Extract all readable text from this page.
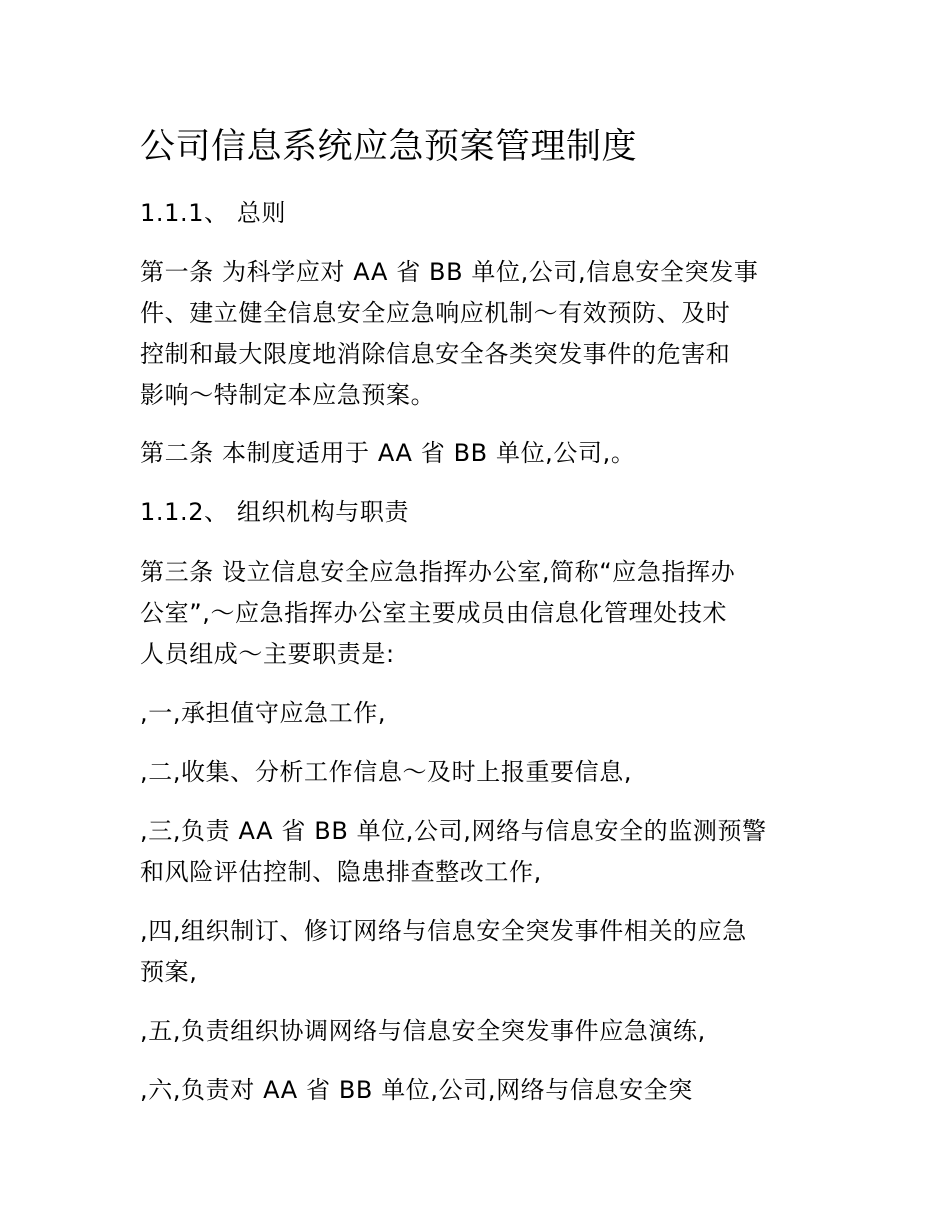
公司信息系统应急预案管理制度
1.1.1、 总则
第一条 为科学应对 AA 省 BB 单位,公司,信息安全突发事
件、建立健全信息安全应急响应机制～有效预防、及时
控制和最大限度地消除信息安全各类突发事件的危害和
影响～特制定本应急预案。
第二条 本制度适用于 AA 省 BB 单位,公司,。
1.1.2、 组织机构与职责
第三条 设立信息安全应急指挥办公室,简称“应急指挥办
公室”,～应急指挥办公室主要成员由信息化管理处技术
人员组成～主要职责是:
,一,承担值守应急工作,
,二,收集、分析工作信息～及时上报重要信息,
,三,负责 AA 省 BB 单位,公司,网络与信息安全的监测预警
和风险评估控制、隐患排查整改工作,
,四,组织制订、修订网络与信息安全突发事件相关的应急
预案,
,五,负责组织协调网络与信息安全突发事件应急演练,
,六,负责对 AA 省 BB 单位,公司,网络与信息安全突
